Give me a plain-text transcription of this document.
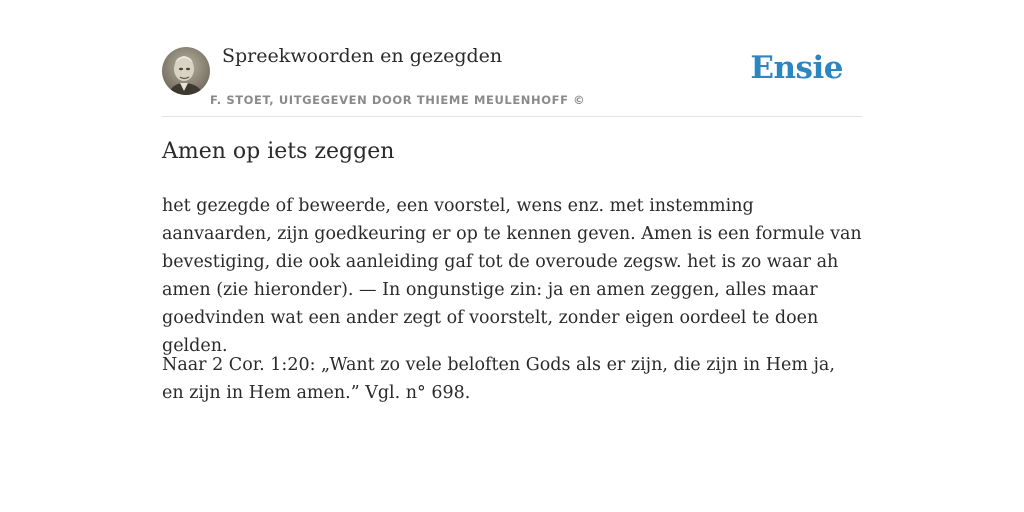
Spreekwoorden en gezegden
F. STOET, UITGEGEVEN DOOR THIEME MEULENHOFF ©
Ensie
Amen op iets zeggen

het gezegde of beweerde, een voorstel, wens enz. met instemming aanvaarden, zijn goedkeuring er op te kennen geven. Amen is een formule van bevestiging, die ook aanleiding gaf tot de overoude zegsw. het is zo waar ah amen (zie hieronder). — In ongunstige zin: ja en amen zeggen, alles maar goedvinden wat een ander zegt of voorstelt, zonder eigen oordeel te doen gelden.

Naar 2 Cor. 1:20: „Want zo vele beloften Gods als er zijn, die zijn in Hem ja, en zijn in Hem amen.” Vgl. n° 698.
